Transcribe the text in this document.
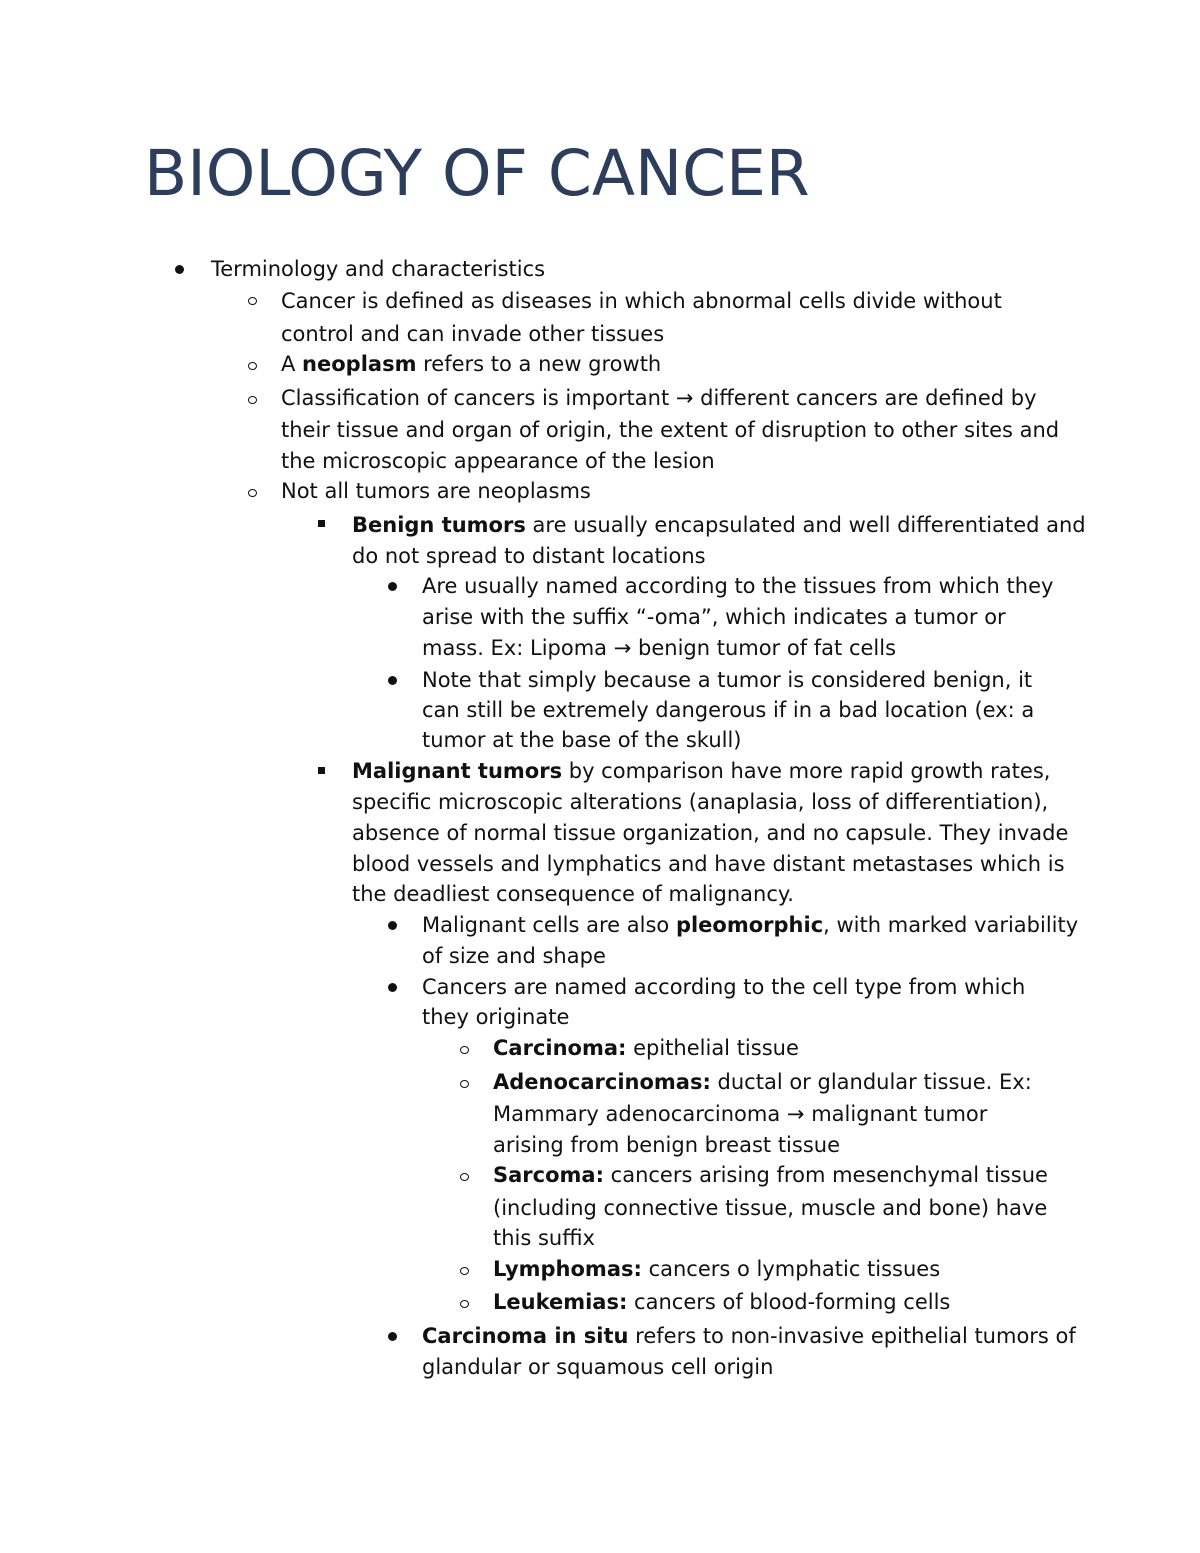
BIOLOGY OF CANCER
Terminology and characteristics
Cancer is defined as diseases in which abnormal cells divide without
control and can invade other tissues
A neoplasm refers to a new growth
Classification of cancers is important → different cancers are defined by
their tissue and organ of origin, the extent of disruption to other sites and
the microscopic appearance of the lesion
Not all tumors are neoplasms
Benign tumors are usually encapsulated and well differentiated and
do not spread to distant locations
Are usually named according to the tissues from which they
arise with the suffix “-oma”, which indicates a tumor or
mass. Ex: Lipoma → benign tumor of fat cells
Note that simply because a tumor is considered benign, it
can still be extremely dangerous if in a bad location (ex: a
tumor at the base of the skull)
Malignant tumors by comparison have more rapid growth rates,
specific microscopic alterations (anaplasia, loss of differentiation),
absence of normal tissue organization, and no capsule. They invade
blood vessels and lymphatics and have distant metastases which is
the deadliest consequence of malignancy.
Malignant cells are also pleomorphic, with marked variability
of size and shape
Cancers are named according to the cell type from which
they originate
Carcinoma: epithelial tissue
Adenocarcinomas: ductal or glandular tissue. Ex:
Mammary adenocarcinoma → malignant tumor
arising from benign breast tissue
Sarcoma: cancers arising from mesenchymal tissue
(including connective tissue, muscle and bone) have
this suffix
Lymphomas: cancers o lymphatic tissues
Leukemias: cancers of blood-forming cells
Carcinoma in situ refers to non-invasive epithelial tumors of
glandular or squamous cell origin
